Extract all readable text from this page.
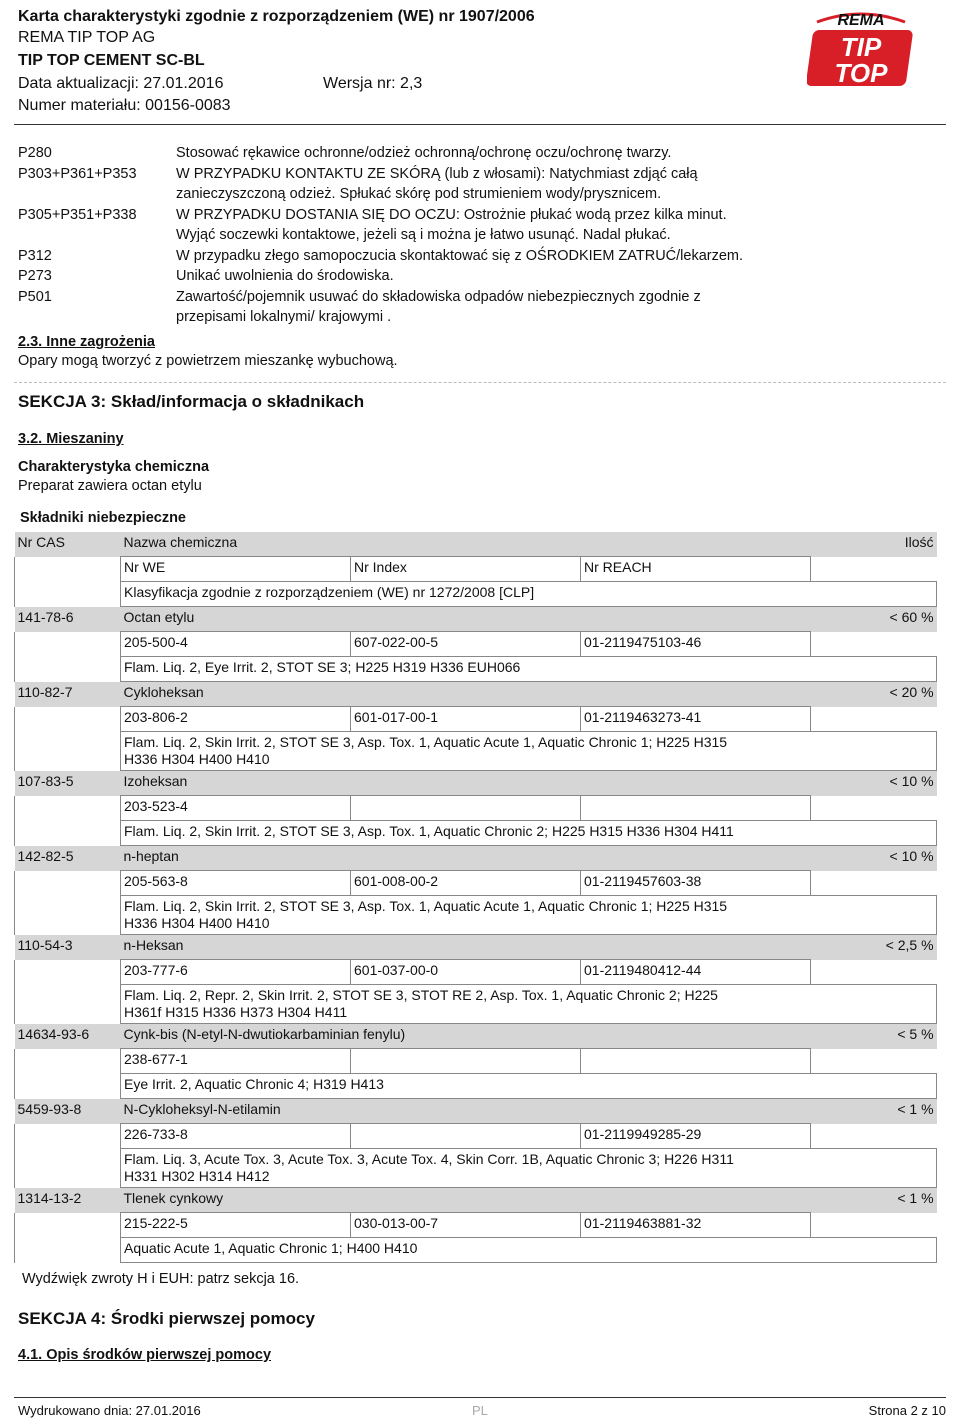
Karta charakterystyki zgodnie z rozporządzeniem (WE) nr 1907/2006
REMA TIP TOP AG
TIP TOP CEMENT SC-BL
Data aktualizacji: 27.01.2016	Wersja nr: 2,3
Numer materiału: 00156-0083
REMA
TIP
TOP
P280	Stosować rękawice ochronne/odzież ochronną/ochronę oczu/ochronę twarzy.
P303+P361+P353	W PRZYPADKU KONTAKTU ZE SKÓRĄ (lub z włosami): Natychmiast zdjąć całą
zanieczyszczoną odzież. Spłukać skórę pod strumieniem wody/prysznicem.
P305+P351+P338	W PRZYPADKU DOSTANIA SIĘ DO OCZU: Ostrożnie płukać wodą przez kilka minut.
Wyjąć soczewki kontaktowe, jeżeli są i można je łatwo usunąć. Nadal płukać.
P312	W przypadku złego samopoczucia skontaktować się z OŚRODKIEM ZATRUĆ/lekarzem.
P273	Unikać uwolnienia do środowiska.
P501	Zawartość/pojemnik usuwać do składowiska odpadów niebezpiecznych zgodnie z
przepisami lokalnymi/ krajowymi .
2.3. Inne zagrożenia
Opary mogą tworzyć z powietrzem mieszankę wybuchową.
SEKCJA 3: Skład/informacja o składnikach
3.2. Mieszaniny
Charakterystyka chemiczna
Preparat zawiera octan etylu
Składniki niebezpieczne
Nr CAS	Nazwa chemiczna			Ilość
	Nr WE	Nr Index	Nr REACH	
	Klasyfikacja zgodnie z rozporządzeniem (WE) nr 1272/2008 [CLP]			
141-78-6	Octan etylu			< 60 %
	205-500-4	607-022-00-5	01-2119475103-46	
	Flam. Liq. 2, Eye Irrit. 2, STOT SE 3; H225 H319 H336 EUH066			
110-82-7	Cykloheksan			< 20 %
	203-806-2	601-017-00-1	01-2119463273-41	
	Flam. Liq. 2, Skin Irrit. 2, STOT SE 3, Asp. Tox. 1, Aquatic Acute 1, Aquatic Chronic 1; H225 H315 H336 H304 H400 H410			
107-83-5	Izoheksan			< 10 %
	203-523-4			
	Flam. Liq. 2, Skin Irrit. 2, STOT SE 3, Asp. Tox. 1, Aquatic Chronic 2; H225 H315 H336 H304 H411			
142-82-5	n-heptan			< 10 %
	205-563-8	601-008-00-2	01-2119457603-38	
	Flam. Liq. 2, Skin Irrit. 2, STOT SE 3, Asp. Tox. 1, Aquatic Acute 1, Aquatic Chronic 1; H225 H315 H336 H304 H400 H410			
110-54-3	n-Heksan			< 2,5 %
	203-777-6	601-037-00-0	01-2119480412-44	
	Flam. Liq. 2, Repr. 2, Skin Irrit. 2, STOT SE 3, STOT RE 2, Asp. Tox. 1, Aquatic Chronic 2; H225 H361f H315 H336 H373 H304 H411			
14634-93-6	Cynk-bis (N-etyl-N-dwutiokarbaminian fenylu)			< 5 %
	238-677-1			
	Eye Irrit. 2, Aquatic Chronic 4; H319 H413			
5459-93-8	N-Cykloheksyl-N-etilamin			< 1 %
	226-733-8		01-2119949285-29	
	Flam. Liq. 3, Acute Tox. 3, Acute Tox. 3, Acute Tox. 4, Skin Corr. 1B, Aquatic Chronic 3; H226 H311 H331 H302 H314 H412			
1314-13-2	Tlenek cynkowy			< 1 %
	215-222-5	030-013-00-7	01-2119463881-32	
	Aquatic Acute 1, Aquatic Chronic 1; H400 H410			
Wydźwięk zwroty H i EUH: patrz sekcja 16.
SEKCJA 4: Środki pierwszej pomocy
4.1. Opis środków pierwszej pomocy
Wydrukowano dnia: 27.01.2016	PL	Strona 2 z 10
